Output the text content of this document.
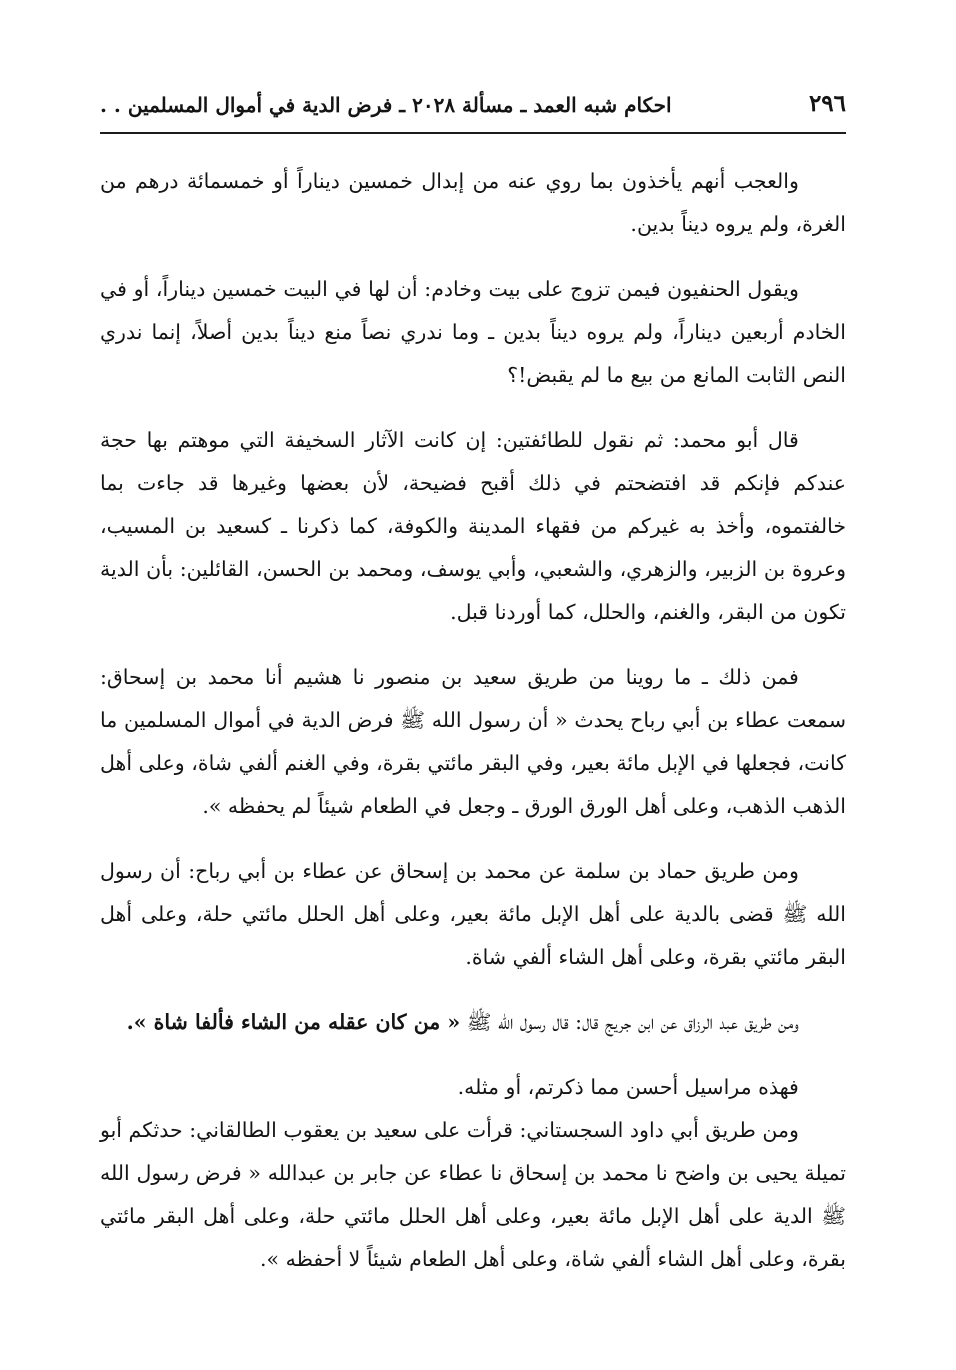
٢٩٦
احكام شبه العمد ـ مسألة ٢٠٢٨ ـ فرض الدية في أموال المسلمين . .

والعجب أنهم يأخذون بما روي عنه من إبدال خمسين ديناراً أو خمسمائة درهم من الغرة، ولم يروه ديناً بدين.

ويقول الحنفيون فيمن تزوج على بيت وخادم: أن لها في البيت خمسين ديناراً، أو في الخادم أربعين ديناراً، ولم يروه ديناً بدين ـ وما ندري نصاً منع ديناً بدين أصلاً، إنما ندري النص الثابت المانع من بيع ما لم يقبض!؟

قال أبو محمد: ثم نقول للطائفتين: إن كانت الآثار السخيفة التي موهتم بها حجة عندكم فإنكم قد افتضحتم في ذلك أقبح فضيحة، لأن بعضها وغيرها قد جاءت بما خالفتموه، وأخذ به غيركم من فقهاء المدينة والكوفة، كما ذكرنا ـ كسعيد بن المسيب، وعروة بن الزبير، والزهري، والشعبي، وأبي يوسف، ومحمد بن الحسن، القائلين: بأن الدية تكون من البقر، والغنم، والحلل، كما أوردنا قبل.

فمن ذلك ـ ما روينا من طريق سعيد بن منصور نا هشيم أنا محمد بن إسحاق: سمعت عطاء بن أبي رباح يحدث « أن رسول الله ﷺ فرض الدية في أموال المسلمين ما كانت، فجعلها في الإبل مائة بعير، وفي البقر مائتي بقرة، وفي الغنم ألفي شاة، وعلى أهل الذهب الذهب، وعلى أهل الورق الورق ـ وجعل في الطعام شيئاً لم يحفظه ».

ومن طريق حماد بن سلمة عن محمد بن إسحاق عن عطاء بن أبي رباح: أن رسول الله ﷺ قضى بالدية على أهل الإبل مائة بعير، وعلى أهل الحلل مائتي حلة، وعلى أهل البقر مائتي بقرة، وعلى أهل الشاء ألفي شاة.

ومن طريق عبد الرزاق عن ابن جريج قال: قال رسول الله ﷺ « من كان عقله من الشاء فألفا شاة ».

فهذه مراسيل أحسن مما ذكرتم، أو مثله.

ومن طريق أبي داود السجستاني: قرأت على سعيد بن يعقوب الطالقاني: حدثكم أبو تميلة يحيى بن واضح نا محمد بن إسحاق نا عطاء عن جابر بن عبدالله « فرض رسول الله ﷺ الدية على أهل الإبل مائة بعير، وعلى أهل الحلل مائتي حلة، وعلى أهل البقر مائتي بقرة، وعلى أهل الشاء ألفي شاة، وعلى أهل الطعام شيئاً لا أحفظه ».
